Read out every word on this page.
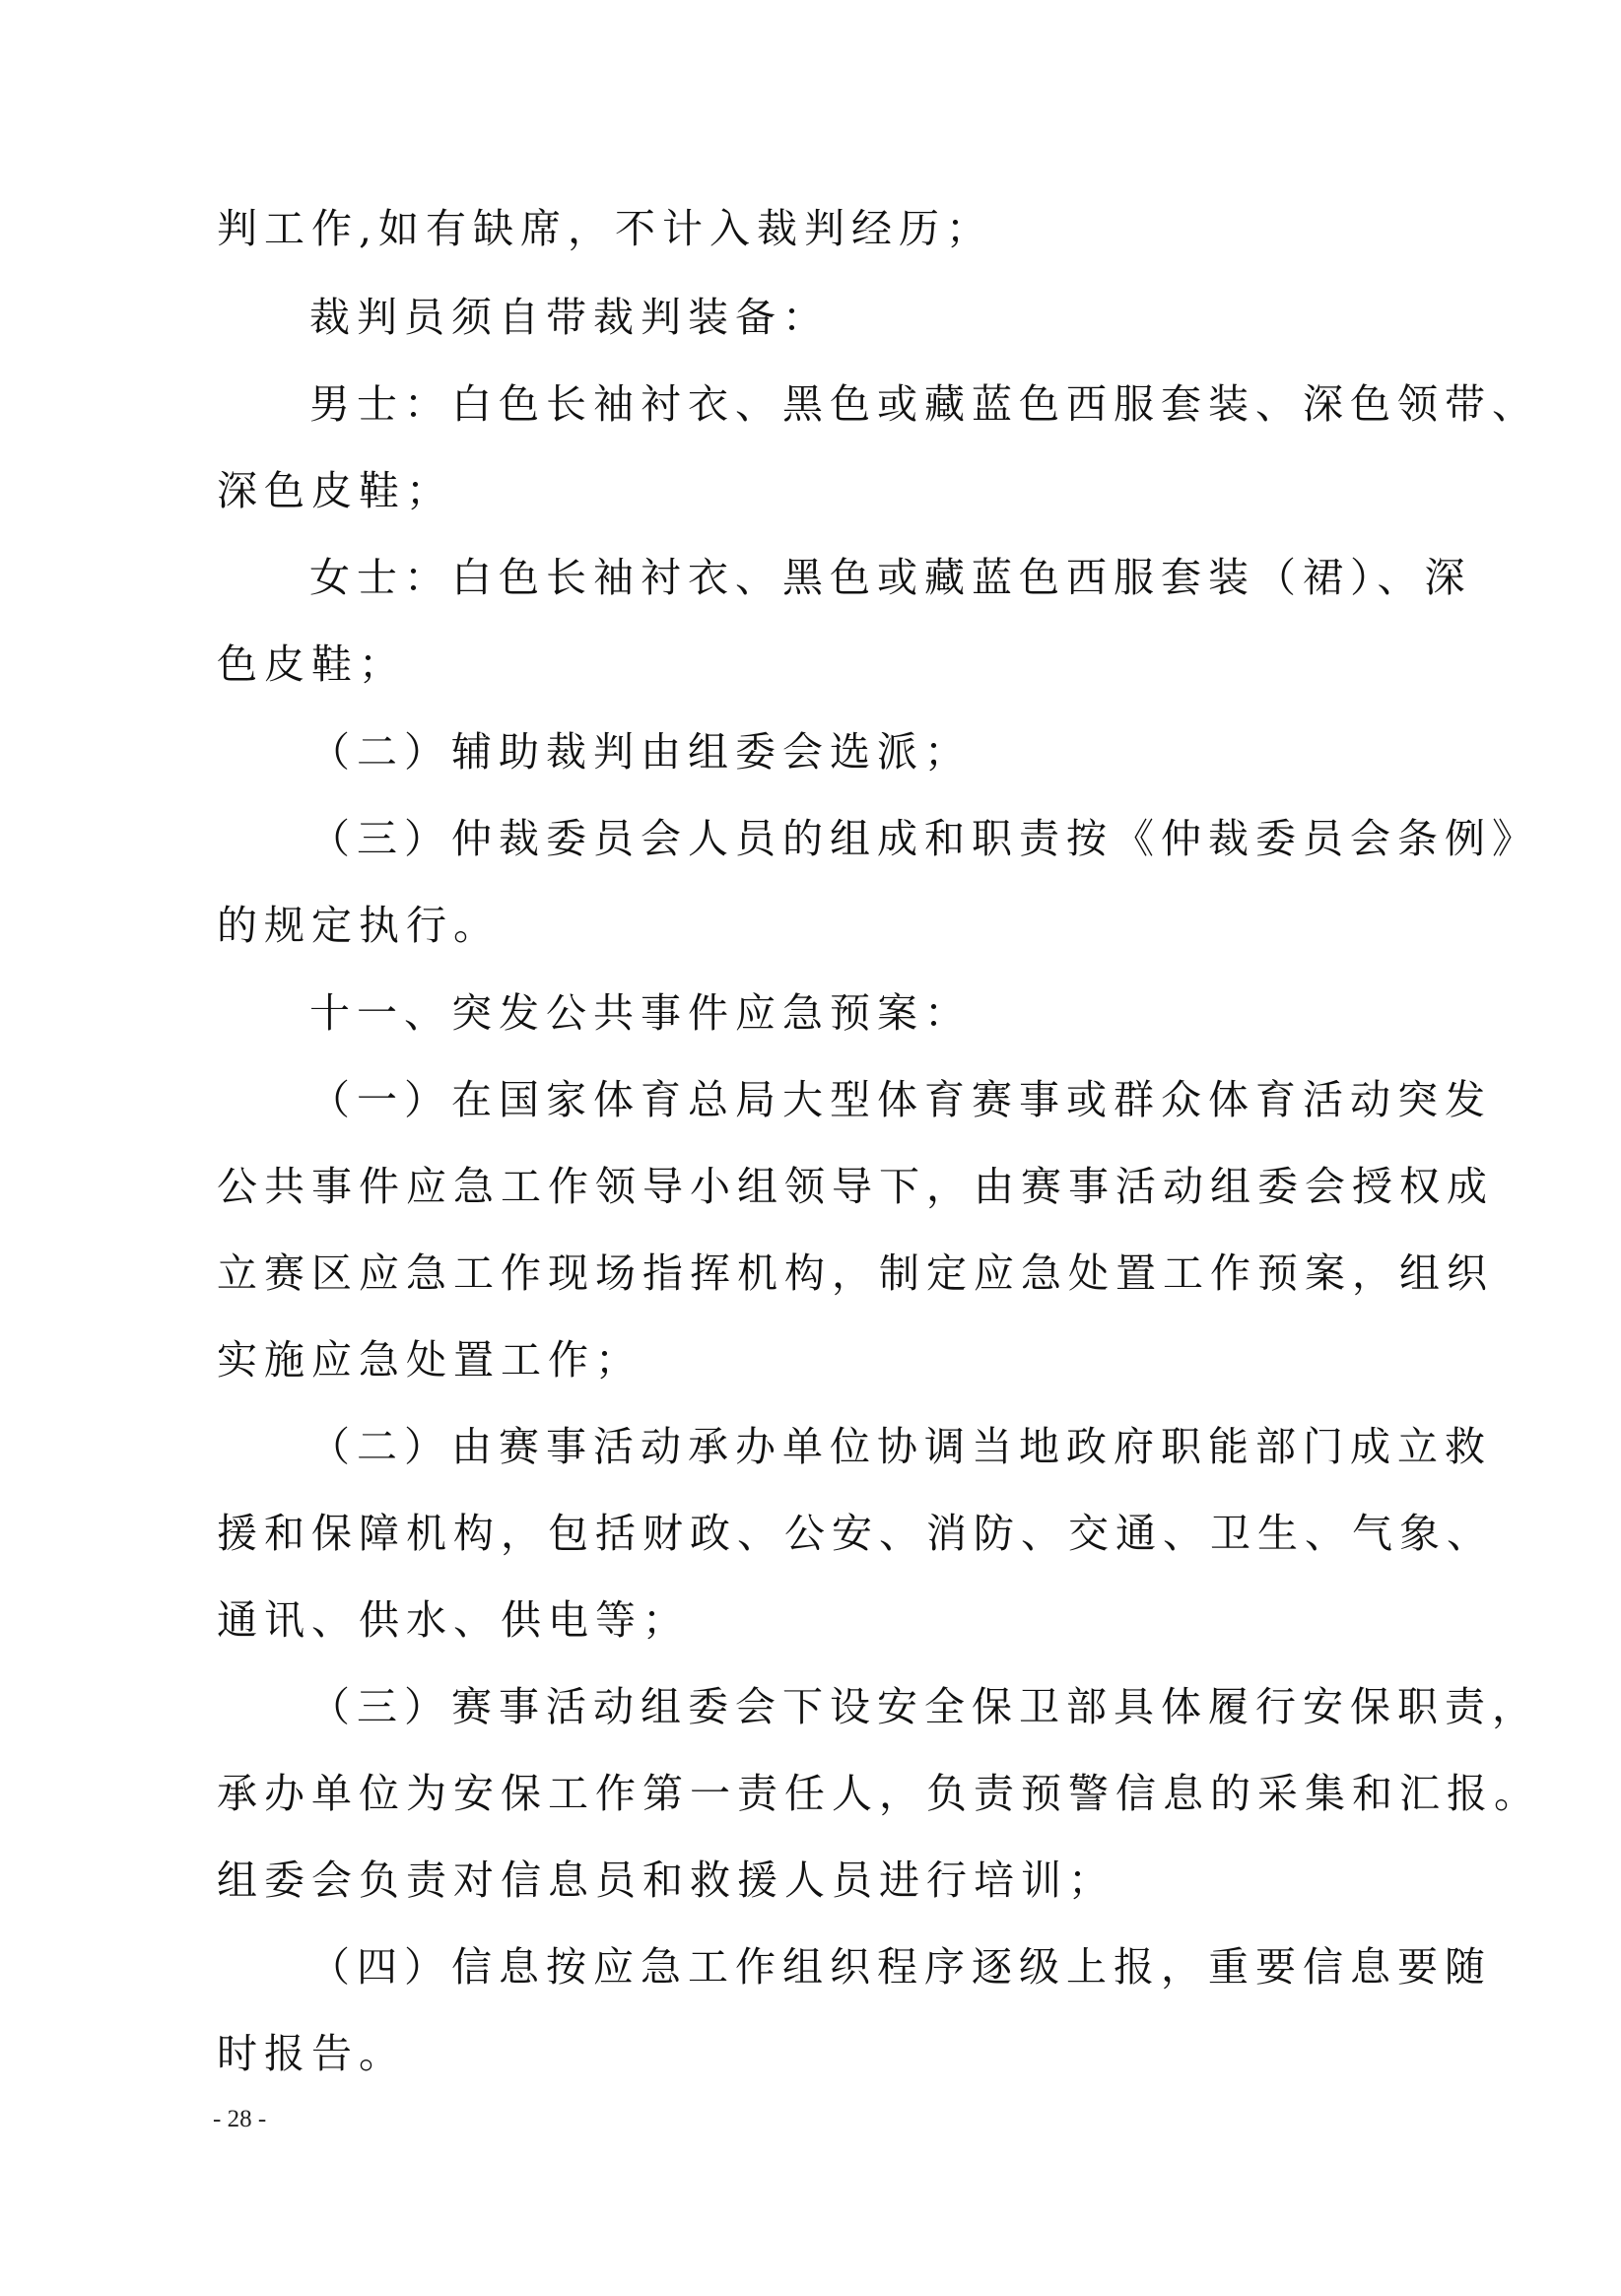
判工作,如有缺席，不计入裁判经历；
裁判员须自带裁判装备：
男士：白色长袖衬衣、黑色或藏蓝色西服套装、深色领带、
深色皮鞋；
女士：白色长袖衬衣、黑色或藏蓝色西服套装（裙）、深
色皮鞋；
（二）辅助裁判由组委会选派；
（三）仲裁委员会人员的组成和职责按《仲裁委员会条例》
的规定执行。
十一、突发公共事件应急预案：
（一）在国家体育总局大型体育赛事或群众体育活动突发
公共事件应急工作领导小组领导下，由赛事活动组委会授权成
立赛区应急工作现场指挥机构，制定应急处置工作预案，组织
实施应急处置工作；
（二）由赛事活动承办单位协调当地政府职能部门成立救
援和保障机构，包括财政、公安、消防、交通、卫生、气象、
通讯、供水、供电等；
（三）赛事活动组委会下设安全保卫部具体履行安保职责，
承办单位为安保工作第一责任人，负责预警信息的采集和汇报。
组委会负责对信息员和救援人员进行培训；
（四）信息按应急工作组织程序逐级上报，重要信息要随
时报告。
- 28 -
